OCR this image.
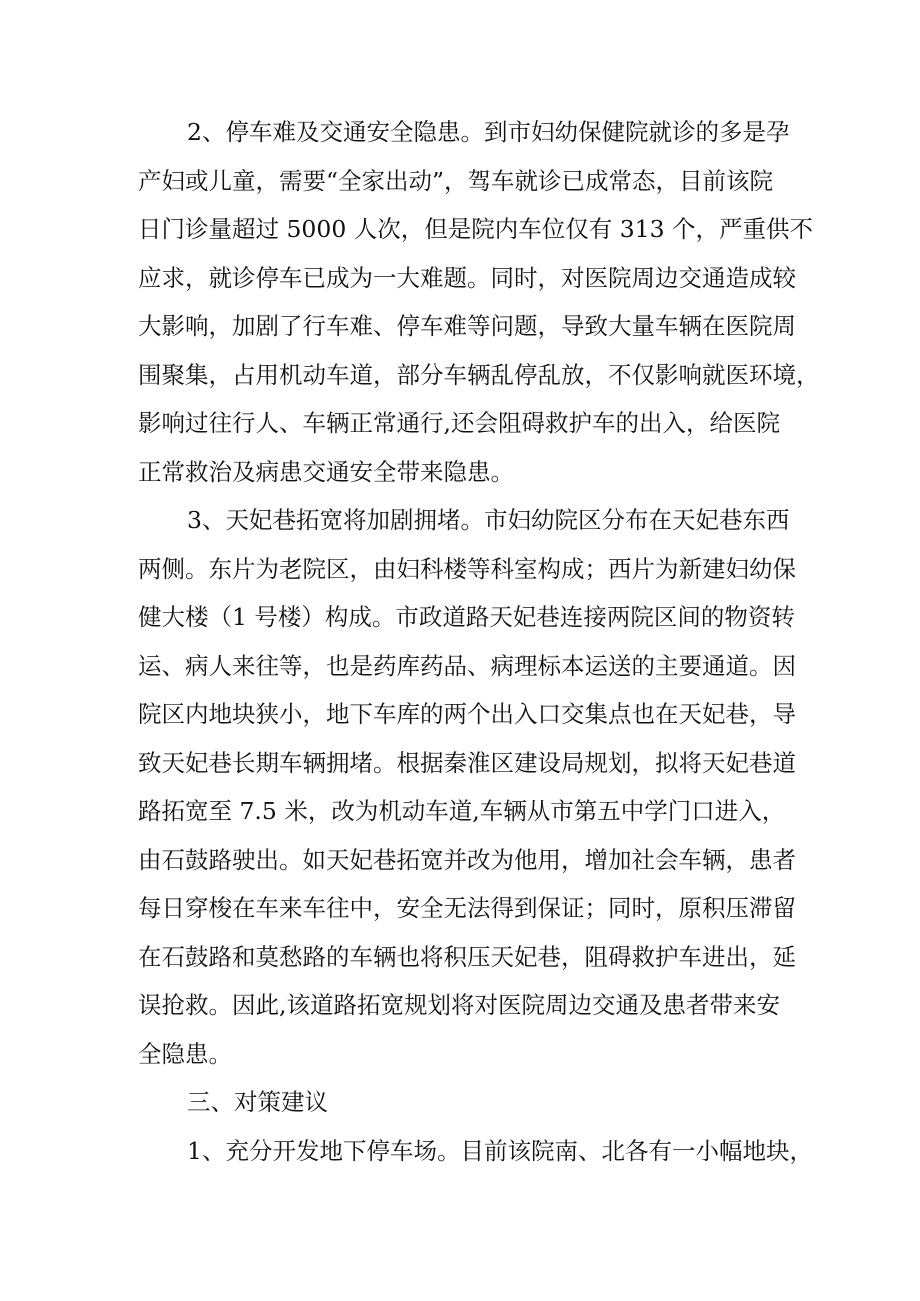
2、停车难及交通安全隐患。到市妇幼保健院就诊的多是孕
产妇或儿童，需要“全家出动”，驾车就诊已成常态，目前该院
日门诊量超过 5000 人次，但是院内车位仅有 313 个，严重供不
应求，就诊停车已成为一大难题。同时，对医院周边交通造成较
大影响，加剧了行车难、停车难等问题，导致大量车辆在医院周
围聚集，占用机动车道，部分车辆乱停乱放，不仅影响就医环境，
影响过往行人、车辆正常通行,还会阻碍救护车的出入，给医院
正常救治及病患交通安全带来隐患。
3、天妃巷拓宽将加剧拥堵。市妇幼院区分布在天妃巷东西
两侧。东片为老院区，由妇科楼等科室构成；西片为新建妇幼保
健大楼（1 号楼）构成。市政道路天妃巷连接两院区间的物资转
运、病人来往等，也是药库药品、病理标本运送的主要通道。因
院区内地块狭小，地下车库的两个出入口交集点也在天妃巷，导
致天妃巷长期车辆拥堵。根据秦淮区建设局规划，拟将天妃巷道
路拓宽至 7.5 米，改为机动车道,车辆从市第五中学门口进入，
由石鼓路驶出。如天妃巷拓宽并改为他用，增加社会车辆，患者
每日穿梭在车来车往中，安全无法得到保证；同时，原积压滞留
在石鼓路和莫愁路的车辆也将积压天妃巷，阻碍救护车进出，延
误抢救。因此,该道路拓宽规划将对医院周边交通及患者带来安
全隐患。
三、对策建议
1、充分开发地下停车场。目前该院南、北各有一小幅地块，
